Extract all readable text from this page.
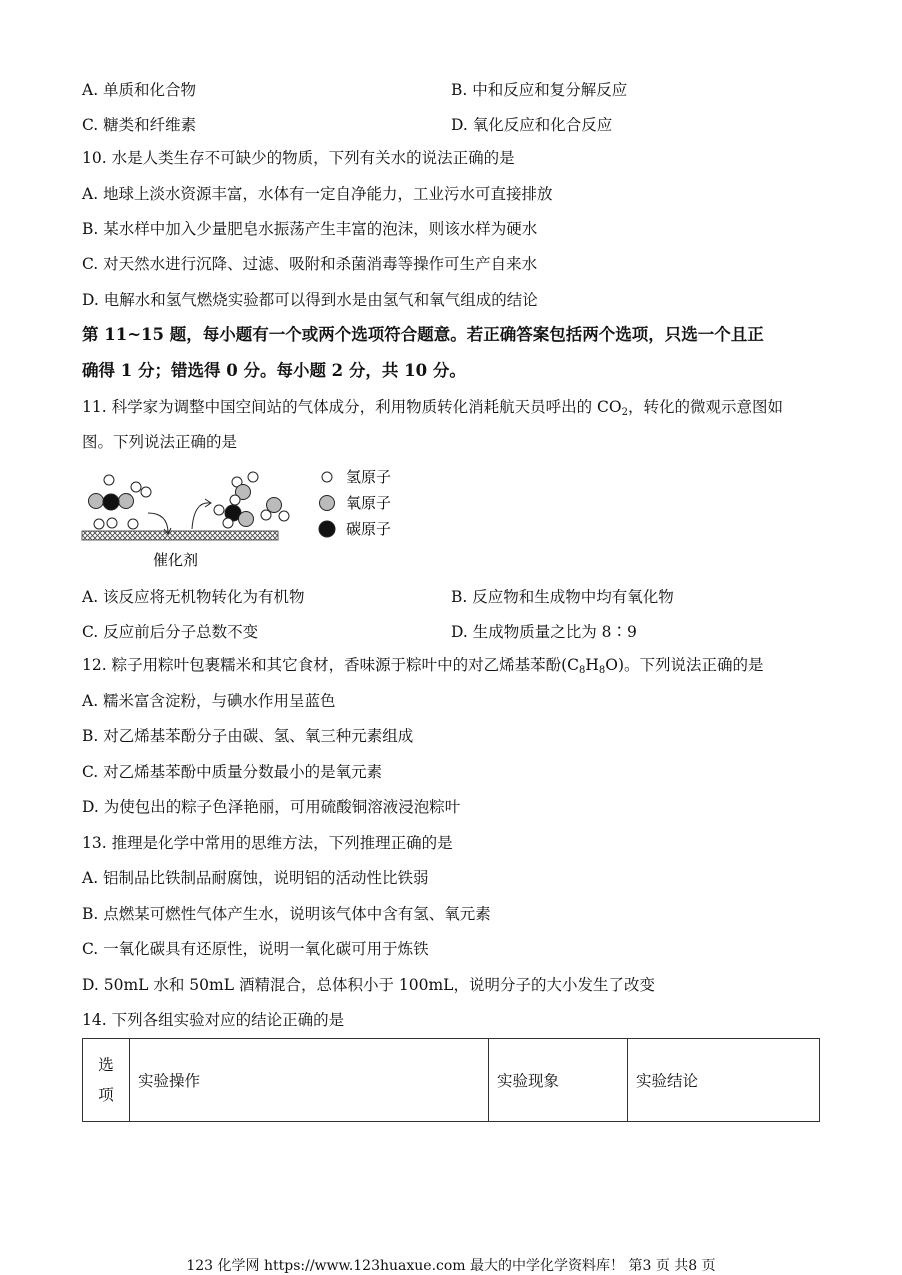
A. 单质和化合物	B. 中和反应和复分解反应
C. 糖类和纤维素	D. 氧化反应和化合反应
10. 水是人类生存不可缺少的物质，下列有关水的说法正确的是
A. 地球上淡水资源丰富，水体有一定自净能力，工业污水可直接排放
B. 某水样中加入少量肥皂水振荡产生丰富的泡沫，则该水样为硬水
C. 对天然水进行沉降、过滤、吸附和杀菌消毒等操作可生产自来水
D. 电解水和氢气燃烧实验都可以得到水是由氢气和氧气组成的结论
第 11~15 题，每小题有一个或两个选项符合题意。若正确答案包括两个选项，只选一个且正
确得 1 分；错选得 0 分。每小题 2 分，共 10 分。
11. 科学家为调整中国空间站的气体成分，利用物质转化消耗航天员呼出的 $CO_2$，转化的微观示意图如
图。下列说法正确的是
氢原子
氧原子
碳原子
催化剂
A. 该反应将无机物转化为有机物	B. 反应物和生成物中均有氧化物
C. 反应前后分子总数不变	D. 生成物质量之比为 8∶9
12. 粽子用粽叶包裹糯米和其它食材，香味源于粽叶中的对乙烯基苯酚$(C_8H_8O)$。下列说法正确的是
A. 糯米富含淀粉，与碘水作用呈蓝色
B. 对乙烯基苯酚分子由碳、氢、氧三种元素组成
C. 对乙烯基苯酚中质量分数最小的是氧元素
D. 为使包出的粽子色泽艳丽，可用硫酸铜溶液浸泡粽叶
13. 推理是化学中常用的思维方法，下列推理正确的是
A. 铝制品比铁制品耐腐蚀，说明铝的活动性比铁弱
B. 点燃某可燃性气体产生水，说明该气体中含有氢、氧元素
C. 一氧化碳具有还原性，说明一氧化碳可用于炼铁
D. 50mL 水和 50mL 酒精混合，总体积小于 100mL，说明分子的大小发生了改变
14. 下列各组实验对应的结论正确的是
选
项	实验操作	实验现象	实验结论
123 化学网 https://www.123huaxue.com 最大的中学化学资料库！ 第3 页 共8 页
